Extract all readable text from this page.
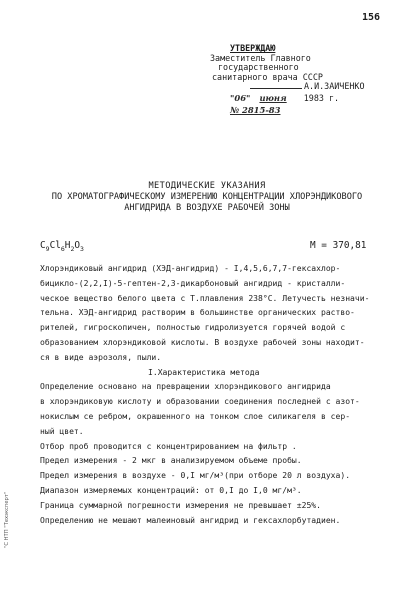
156
УТВЕРЖДАЮ
Заместитель Главного
государственного
санитарного врача СССР
А.И.ЗАИЧЕНКО
"06" июня 1983 г.
№ 2815-83
МЕТОДИЧЕСКИЕ УКАЗАНИЯ
ПО ХРОМАТОГРАФИЧЕСКОМУ ИЗМЕРЕНИЮ КОНЦЕНТРАЦИИ ХЛОРЭНДИКОВОГО
АНГИДРИДА В ВОЗДУХЕ РАБОЧЕЙ ЗОНЫ
$C_9Cl_6H_2O_3$	M = 370,81
Хлорэндиковый ангидрид (ХЭД-ангидрид) - I,4,5,6,7,7-гексахлор-
бицикло-(2,2,I)-5-гептен-2,3-дикарбоновый ангидрид - кристалли-
ческое вещество белого цвета с Т.плавления 238°С. Летучесть незначи-
тельна. ХЭД-ангидрид растворим в большинстве органических раство-
рителей, гигроскопичен, полностью гидролизуется горячей водой с
образованием хлорэндиковой кислоты. В воздухе рабочей зоны находит-
ся в виде аэрозоля, пыли.
I.Характеристика метода
Определение основано на превращении хлорэндикового ангидрида
в хлорэндиковую кислоту и образовании соединения последней с азот-
нокислым се ребром, окрашенного на тонком слое силикагеля в сер-
ный цвет.
Отбор проб проводится с концентрированием на фильтр .
Предел измерения - 2 мкг в анализируемом объеме пробы.
Предел измерения в воздухе - 0,I мг/м³(при отборе 20 л воздуха).
Диапазон измеряемых концентраций: от 0,I до I,0 мг/м³.
Граница суммарной погрешности измерения не превышает ±25%.
Определению не мешают малеиновый ангидрид и гексахлорбутадиен.
"С НТП "Техэксперт"
